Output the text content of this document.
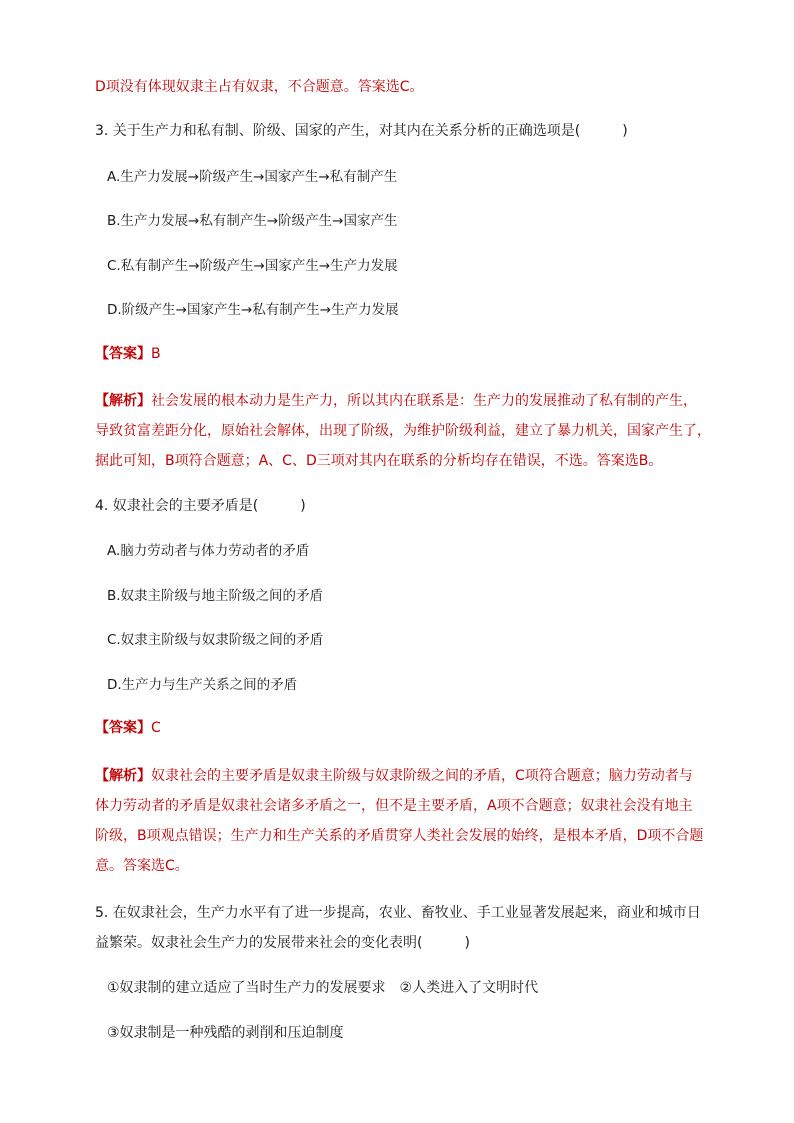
D项没有体现奴隶主占有奴隶，不合题意。答案选C。
3. 关于生产力和私有制、阶级、国家的产生，对其内在关系分析的正确选项是(　　　)
A.生产力发展→阶级产生→国家产生→私有制产生
B.生产力发展→私有制产生→阶级产生→国家产生
C.私有制产生→阶级产生→国家产生→生产力发展
D.阶级产生→国家产生→私有制产生→生产力发展
【答案】B
【解析】社会发展的根本动力是生产力，所以其内在联系是：生产力的发展推动了私有制的产生，
导致贫富差距分化，原始社会解体，出现了阶级，为维护阶级利益，建立了暴力机关，国家产生了，
据此可知，B项符合题意；A、C、D三项对其内在联系的分析均存在错误，不选。答案选B。
4. 奴隶社会的主要矛盾是(　　　)
A.脑力劳动者与体力劳动者的矛盾
B.奴隶主阶级与地主阶级之间的矛盾
C.奴隶主阶级与奴隶阶级之间的矛盾
D.生产力与生产关系之间的矛盾
【答案】C
【解析】奴隶社会的主要矛盾是奴隶主阶级与奴隶阶级之间的矛盾，C项符合题意；脑力劳动者与
体力劳动者的矛盾是奴隶社会诸多矛盾之一，但不是主要矛盾，A项不合题意；奴隶社会没有地主
阶级，B项观点错误；生产力和生产关系的矛盾贯穿人类社会发展的始终，是根本矛盾，D项不合题
意。答案选C。
5. 在奴隶社会，生产力水平有了进一步提高，农业、畜牧业、手工业显著发展起来，商业和城市日
益繁荣。奴隶社会生产力的发展带来社会的变化表明(　　　)
①奴隶制的建立适应了当时生产力的发展要求　②人类进入了文明时代
③奴隶制是一种残酷的剥削和压迫制度
